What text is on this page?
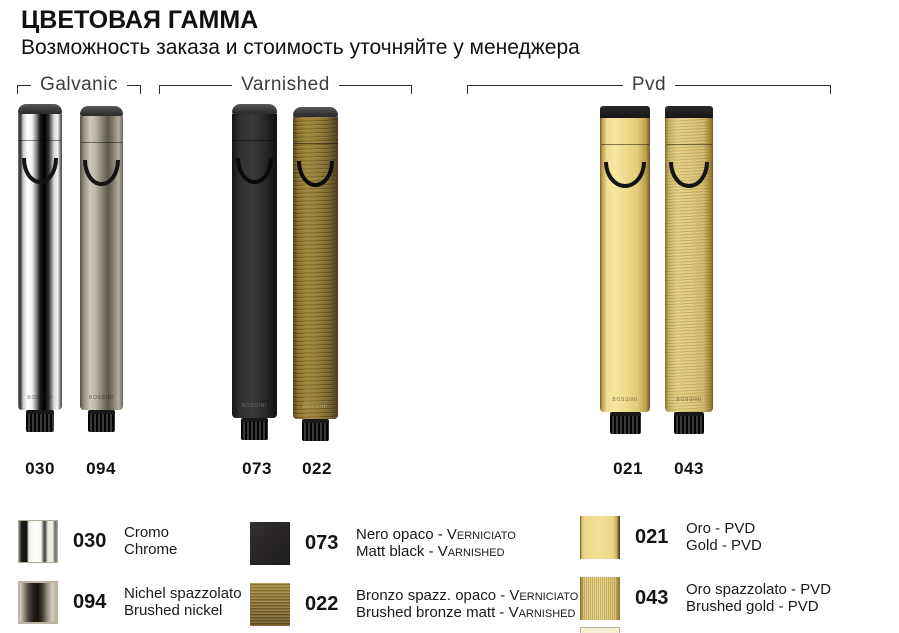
ЦВЕТОВАЯ ГАММА
Возможность заказа и стоимость уточняйте у менеджера
Galvanic	Varnished	Pvd
BOSSINI	BOSSINI
BOSSINI	BOSSINI
BOSSINI	BOSSINI
030 094	073 022	021 043
030	Cromo
Chrome
094	Nichel spazzolato
Brushed nickel
073	Nero opaco - Verniciato
Matt black - Varnished
022	Bronzo spazz. opaco - Verniciato
Brushed bronze matt - Varnished
021	Oro - PVD
Gold - PVD
043	Oro spazzolato - PVD
Brushed gold - PVD
